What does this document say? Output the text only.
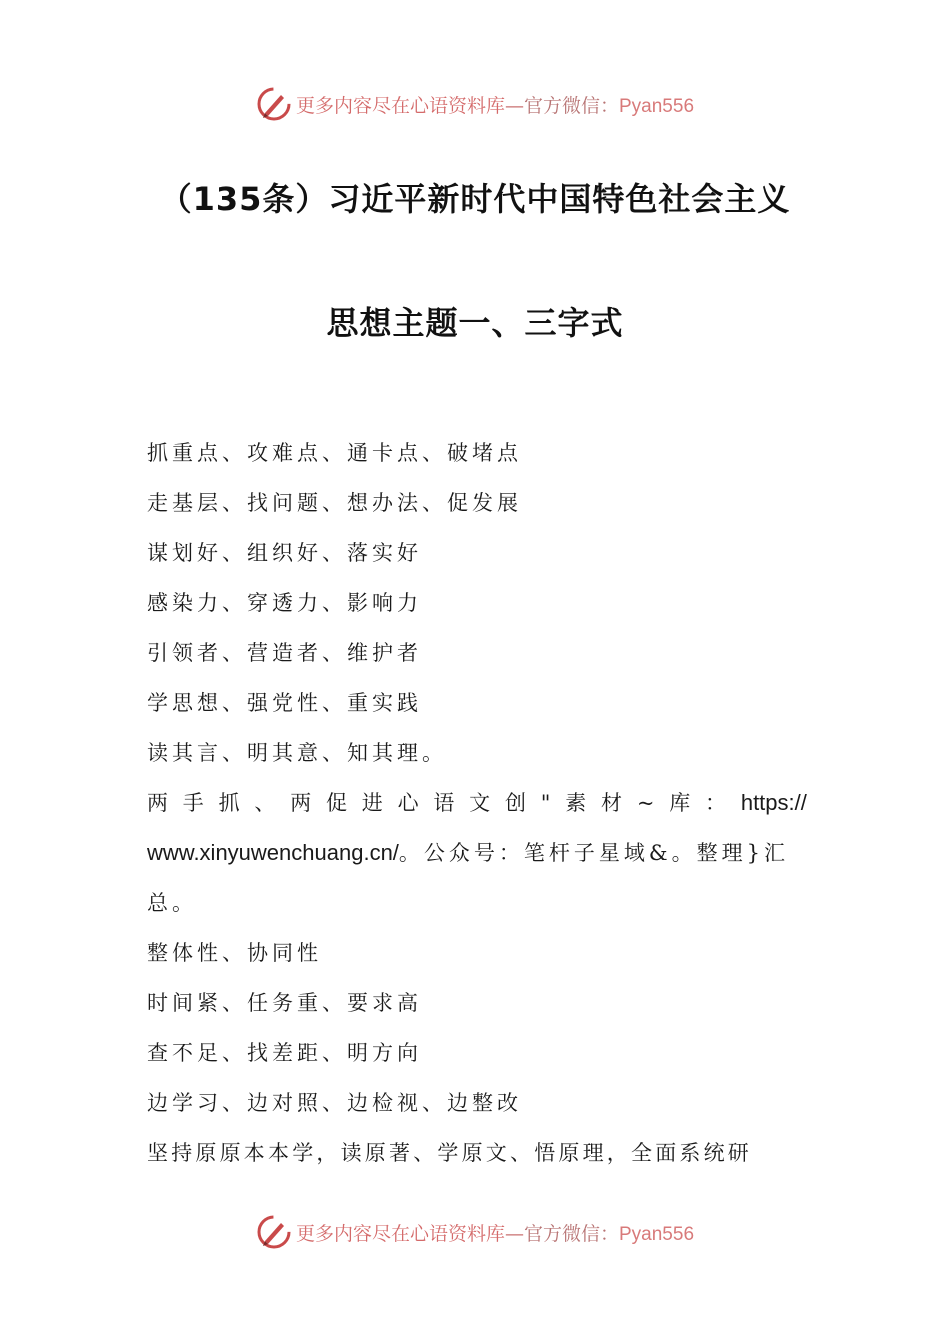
更多内容尽在心语资料库—官方微信：Pyan556
（135条）习近平新时代中国特色社会主义
思想主题一、三字式
抓重点、攻难点、通卡点、破堵点
走基层、找问题、想办法、促发展
谋划好、组织好、落实好
感染力、穿透力、影响力
引领者、营造者、维护者
学思想、强党性、重实践
读其言、明其意、知其理。
两 手 抓 、 两 促 进 心 语 文 创 " 素 材 ~ 库 ： https://
www.xinyuwenchuang.cn/。公众号：笔杆子星域&。整理}汇
总。
整体性、协同性
时间紧、任务重、要求高
查不足、找差距、明方向
边学习、边对照、边检视、边整改
坚持原原本本学，读原著、学原文、悟原理，全面系统研
更多内容尽在心语资料库—官方微信：Pyan556
